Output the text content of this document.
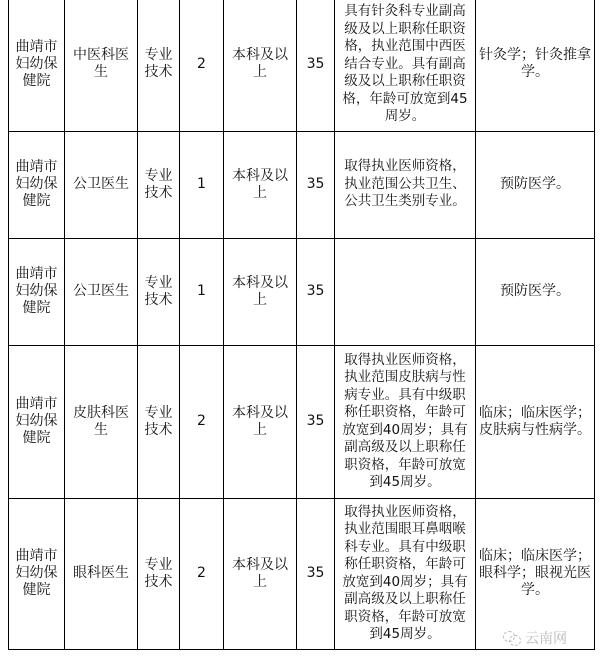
曲靖市妇幼保健院	中医科医生	专业技术	2	本科及以上	35	具有针灸科专业副高级及以上职称任职资格，执业范围中西医结合专业。具有副高级及以上职称任职资格，年龄可放宽到45周岁。	针灸学；针灸推拿学。
曲靖市妇幼保健院	公卫医生	专业技术	1	本科及以上	35	取得执业医师资格，执业范围公共卫生、公共卫生类别专业。	预防医学。
曲靖市妇幼保健院	公卫医生	专业技术	1	本科及以上	35		预防医学。
曲靖市妇幼保健院	皮肤科医生	专业技术	2	本科及以上	35	取得执业医师资格，执业范围皮肤病与性病专业。具有中级职称任职资格，年龄可放宽到40周岁；具有副高级及以上职称任职资格，年龄可放宽到45周岁。	临床；临床医学；皮肤病与性病学。
曲靖市妇幼保健院	眼科医生	专业技术	2	本科及以上	35	取得执业医师资格，执业范围眼耳鼻咽喉科专业。具有中级职称任职资格，年龄可放宽到40周岁；具有副高级及以上职称任职资格，年龄可放宽到45周岁。	临床；临床医学；眼科学；眼视光医学。
云南网
